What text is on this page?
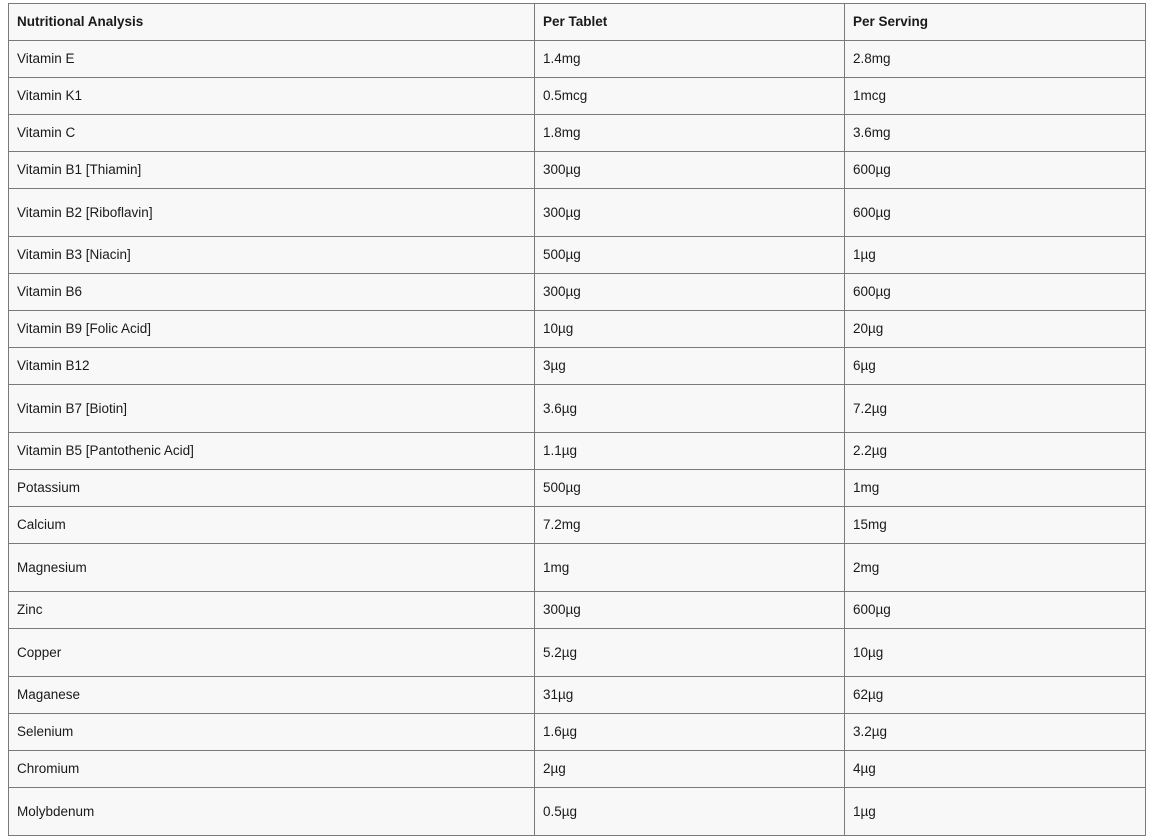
Nutritional Analysis	Per Tablet	Per Serving
Vitamin E	1.4mg	2.8mg
Vitamin K1	0.5mcg	1mcg
Vitamin C	1.8mg	3.6mg
Vitamin B1 [Thiamin]	300µg	600µg
Vitamin B2 [Riboflavin]	300µg	600µg
Vitamin B3 [Niacin]	500µg	1µg
Vitamin B6	300µg	600µg
Vitamin B9 [Folic Acid]	10µg	20µg
Vitamin B12	3µg	6µg
Vitamin B7 [Biotin]	3.6µg	7.2µg
Vitamin B5 [Pantothenic Acid]	1.1µg	2.2µg
Potassium	500µg	1mg
Calcium	7.2mg	15mg
Magnesium	1mg	2mg
Zinc	300µg	600µg
Copper	5.2µg	10µg
Maganese	31µg	62µg
Selenium	1.6µg	3.2µg
Chromium	2µg	4µg
Molybdenum	0.5µg	1µg
